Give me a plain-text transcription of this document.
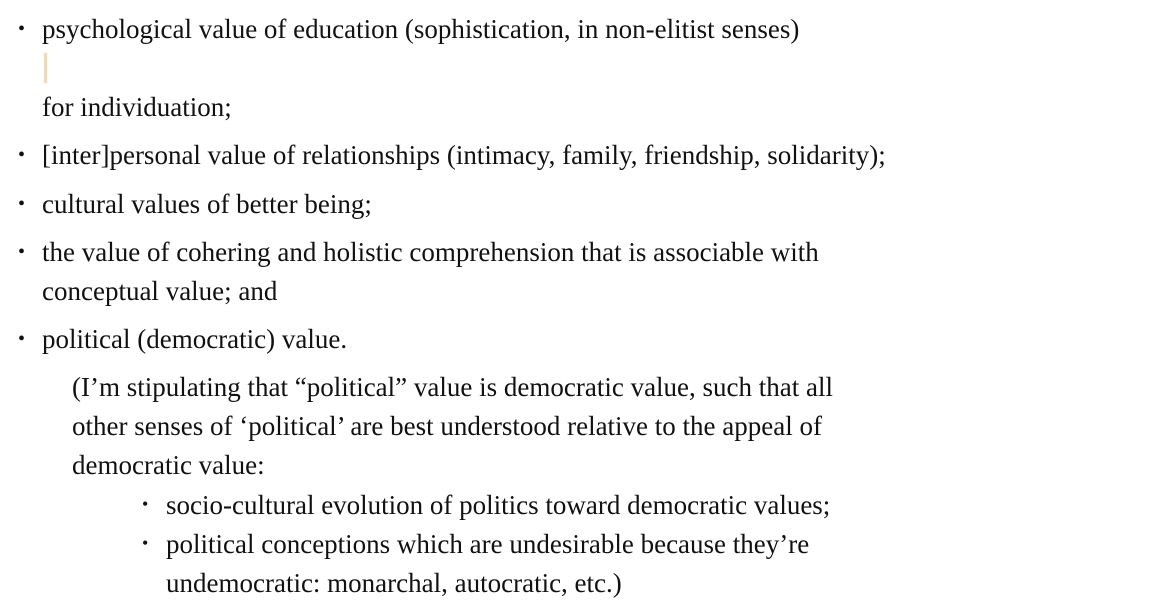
• psychological value of education (sophistication, in non-elitist senses)
for individuation;
• [inter]personal value of relationships (intimacy, family, friendship, solidarity);
• cultural values of better being;
• the value of cohering and holistic comprehension that is associable with
conceptual value; and
• political (democratic) value.
(I’m stipulating that “political” value is democratic value, such that all
other senses of ‘political’ are best understood relative to the appeal of
democratic value:
• socio-cultural evolution of politics toward democratic values;
• political conceptions which are undesirable because they’re
undemocratic: monarchal, autocratic, etc.)
